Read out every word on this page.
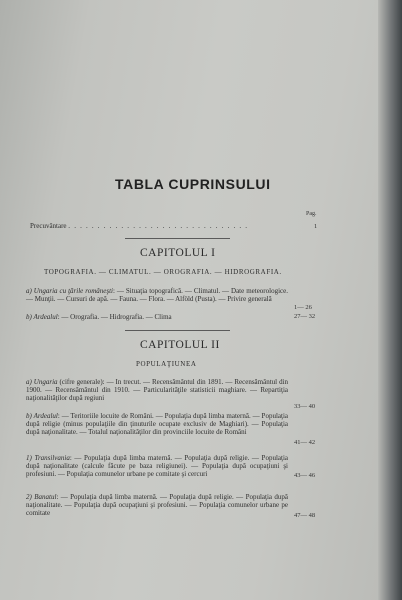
TABLA CUPRINSULUI
Pag.
Precuvântare . . . . . . . . . . . . . . . . . . . . . . . . . . . . . . .	1
CAPITOLUL I
TOPOGRAFIA. — CLIMATUL. — OROGRAFIA. — HIDROGRAFIA.
a) Ungaria cu ţările româneşti: — Situaţia topografică. — Climatul. — Date meteorologice. — Munţii. — Cursuri de apă. — Fauna. — Flora. — Alföld (Pusta). — Privire generală
1— 26
b) Ardealul: — Orografia. — Hidrografia. — Clima	27— 32
CAPITOLUL II
POPULAŢIUNEA
a) Ungaria (cifre generale): — In trecut. — Recensământul din 1891. — Recensământul din 1900. — Recensământul din 1910. — Particularităţile statisticii maghiare. — Repartiţia naţionalităţilor după regiuni
33— 40
b) Ardealul: — Teritoriile locuite de Români. — Populaţia după limba maternă. — Populaţia după religie (minus populaţiile din ţinuturile ocupate exclusiv de Maghiari). — Populaţia după naţionalitate. — Totalul naţionalităţilor din provinciile locuite de Români
41— 42
1) Transilvania: — Populaţia după limba maternă. — Populaţia după religie. — Populaţia după naţionalitate (calcule făcute pe baza religiunei). — Populaţia după ocupaţiuni şi profesiuni. — Populaţia comunelor urbane pe comitate şi cercuri	43— 46
2) Banatul: — Populaţia după limba maternă. — Populaţia după religie. — Populaţia după naţionalitate. — Populaţia după ocupaţiuni şi profesiuni. — Populaţia comunelor urbane pe comitate	47— 48
